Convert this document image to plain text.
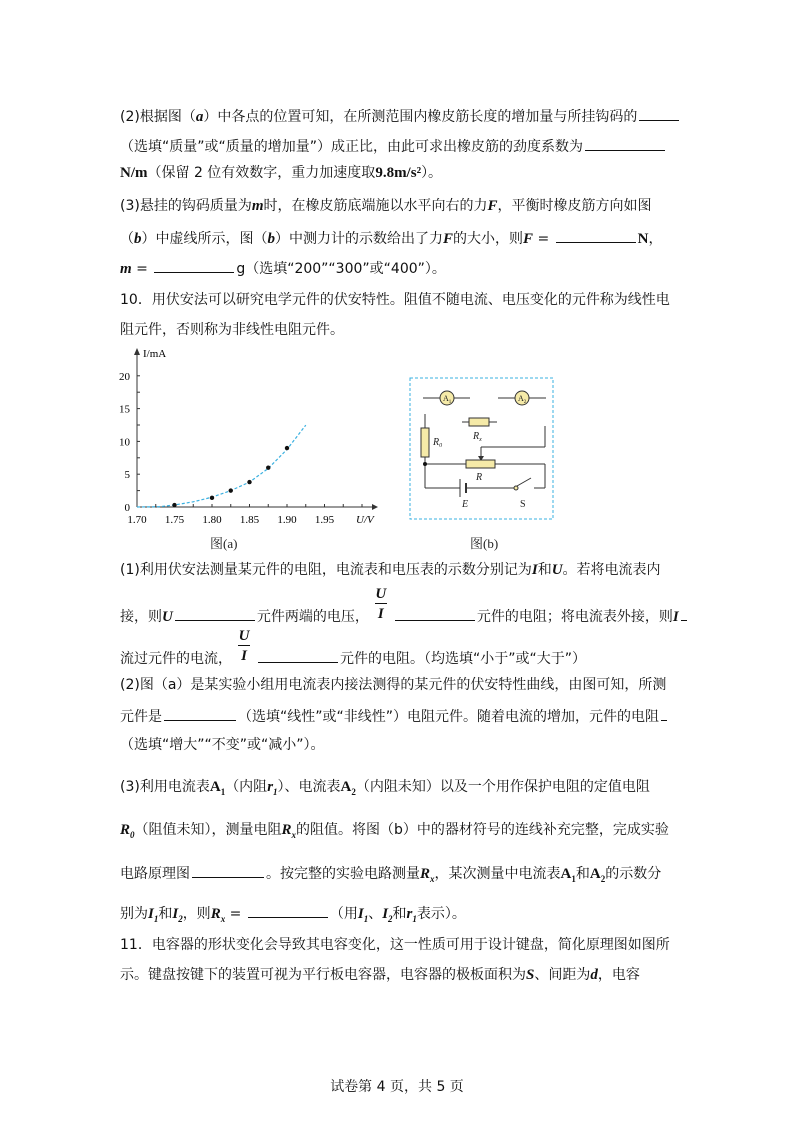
(2)根据图（a）中各点的位置可知，在所测范围内橡皮筋长度的增加量与所挂钩码的
（选填“质量”或“质量的增加量”）成正比，由此可求出橡皮筋的劲度系数为
N/m（保留 2 位有效数字，重力加速度取9.8m/s²）。
(3)悬挂的钩码质量为m时，在橡皮筋底端施以水平向右的力F，平衡时橡皮筋方向如图
（b）中虚线所示，图（b）中测力计的示数给出了力F的大小，则F =	N，
m =	g（选填“200”“300”或“400”）。
10．用伏安法可以研究电学元件的伏安特性。阻值不随电流、电压变化的元件称为线性电
阻元件，否则称为非线性电阻元件。
(1)利用伏安法测量某元件的电阻，电流表和电压表的示数分别记为I和U。若将电流表内
接，则U	元件两端的电压， $\frac{U}{I}$	元件的电阻；将电流表外接，则I
流过元件的电流， $\frac{U}{I}$	元件的电阻。（均选填“小于”或“大于”）
(2)图（a）是某实验小组用电流表内接法测得的某元件的伏安特性曲线，由图可知，所测
元件是	（选填“线性”或“非线性”）电阻元件。随着电流的增加，元件的电阻
（选填“增大”“不变”或“减小”）。
(3)利用电流表$A_1$（内阻$r_1$）、电流表$A_2$（内阻未知）以及一个用作保护电阻的定值电阻
$R_0$（阻值未知），测量电阻$R_x$的阻值。将图（b）中的器材符号的连线补充完整，完成实验
电路原理图	。按完整的实验电路测量$R_x$，某次测量中电流表$A_1$和$A_2$的示数分
别为$I_1$和$I_2$，则$R_x$ =	（用$I_1$、$I_2$和$r_1$表示）。
11．电容器的形状变化会导致其电容变化，这一性质可用于设计键盘，简化原理图如图所
示。键盘按键下的装置可视为平行板电容器，电容器的极板面积为S、间距为d，电容
1.70 1.75 1.80 1.85 1.90 1.95
0
5
10
15
20
U/V
I/mA
图(a)
$A_1$	$A_2$
$R_x$
$R_0$
R
E	S
图(b)
试卷第 4 页，共 5 页
